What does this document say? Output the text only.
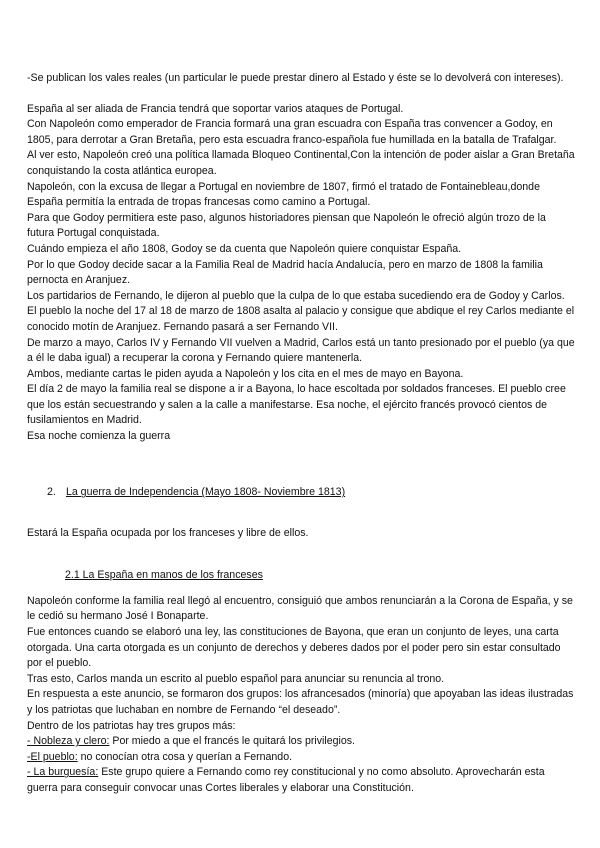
-Se publican los vales reales (un particular le puede prestar dinero al Estado y éste se lo devolverá con intereses).

España al ser aliada de Francia tendrá que soportar varios ataques de Portugal.

Con Napoleón como emperador de Francia formará una gran escuadra con España tras convencer a Godoy, en 1805, para derrotar a Gran Bretaña, pero esta escuadra franco-española fue humillada en la batalla de Trafalgar.

Al ver esto, Napoleón creó una política llamada Bloqueo Continental,Con la intención de poder aislar a Gran Bretaña conquistando la costa atlántica europea.

Napoleón, con la excusa de llegar a Portugal en noviembre de 1807, firmó el tratado de Fontainebleau,donde España permitía la entrada de tropas francesas como camino a Portugal.

Para que Godoy permitiera este paso, algunos historiadores piensan que Napoleón le ofreció algún trozo de la futura Portugal conquistada.

Cuándo empieza el año 1808, Godoy se da cuenta que Napoleón quiere conquistar España.

Por lo que Godoy decide sacar a la Familia Real de Madrid hacía Andalucía, pero en marzo de 1808 la familia pernocta en Aranjuez.

Los partidarios de Fernando, le dijeron al pueblo que la culpa de lo que estaba sucediendo era de Godoy y Carlos. El pueblo la noche del 17 al 18 de marzo de 1808 asalta al palacio y consigue que abdique el rey Carlos mediante el conocido motín de Aranjuez. Fernando pasará a ser Fernando VII.

De marzo a mayo, Carlos IV y Fernando VII vuelven a Madrid, Carlos está un tanto presionado por el pueblo (ya que a él le daba igual) a recuperar la corona y Fernando quiere mantenerla.

Ambos, mediante cartas le piden ayuda a Napoleón y los cita en el mes de mayo en Bayona.

El día 2 de mayo la familia real se dispone a ir a Bayona, lo hace escoltada por soldados franceses. El pueblo cree que los están secuestrando y salen a la calle a manifestarse. Esa noche, el ejército francés provocó cientos de fusilamientos en Madrid.

Esa noche comienza la guerra

2. La guerra de Independencia (Mayo 1808- Noviembre 1813)

Estará la España ocupada por los franceses y libre de ellos.

2.1 La España en manos de los franceses

Napoleón conforme la familia real llegó al encuentro, consiguió que ambos renunciarán a la Corona de España, y se le cedió su hermano José I Bonaparte.

Fue entonces cuando se elaboró una ley, las constituciones de Bayona, que eran un conjunto de leyes, una carta otorgada. Una carta otorgada es un conjunto de derechos y deberes dados por el poder pero sin estar consultado por el pueblo.

Tras esto, Carlos manda un escrito al pueblo español para anunciar su renuncia al trono.

En respuesta a este anuncio, se formaron dos grupos: los afrancesados (minoría) que apoyaban las ideas ilustradas y los patriotas que luchaban en nombre de Fernando “el deseado”.

Dentro de los patriotas hay tres grupos más:

- Nobleza y clero: Por miedo a que el francés le quitará los privilegios.

-El pueblo: no conocían otra cosa y querían a Fernando.

- La burguesía: Este grupo quiere a Fernando como rey constitucional y no como absoluto. Aprovecharán esta guerra para conseguir convocar unas Cortes liberales y elaborar una Constitución.
